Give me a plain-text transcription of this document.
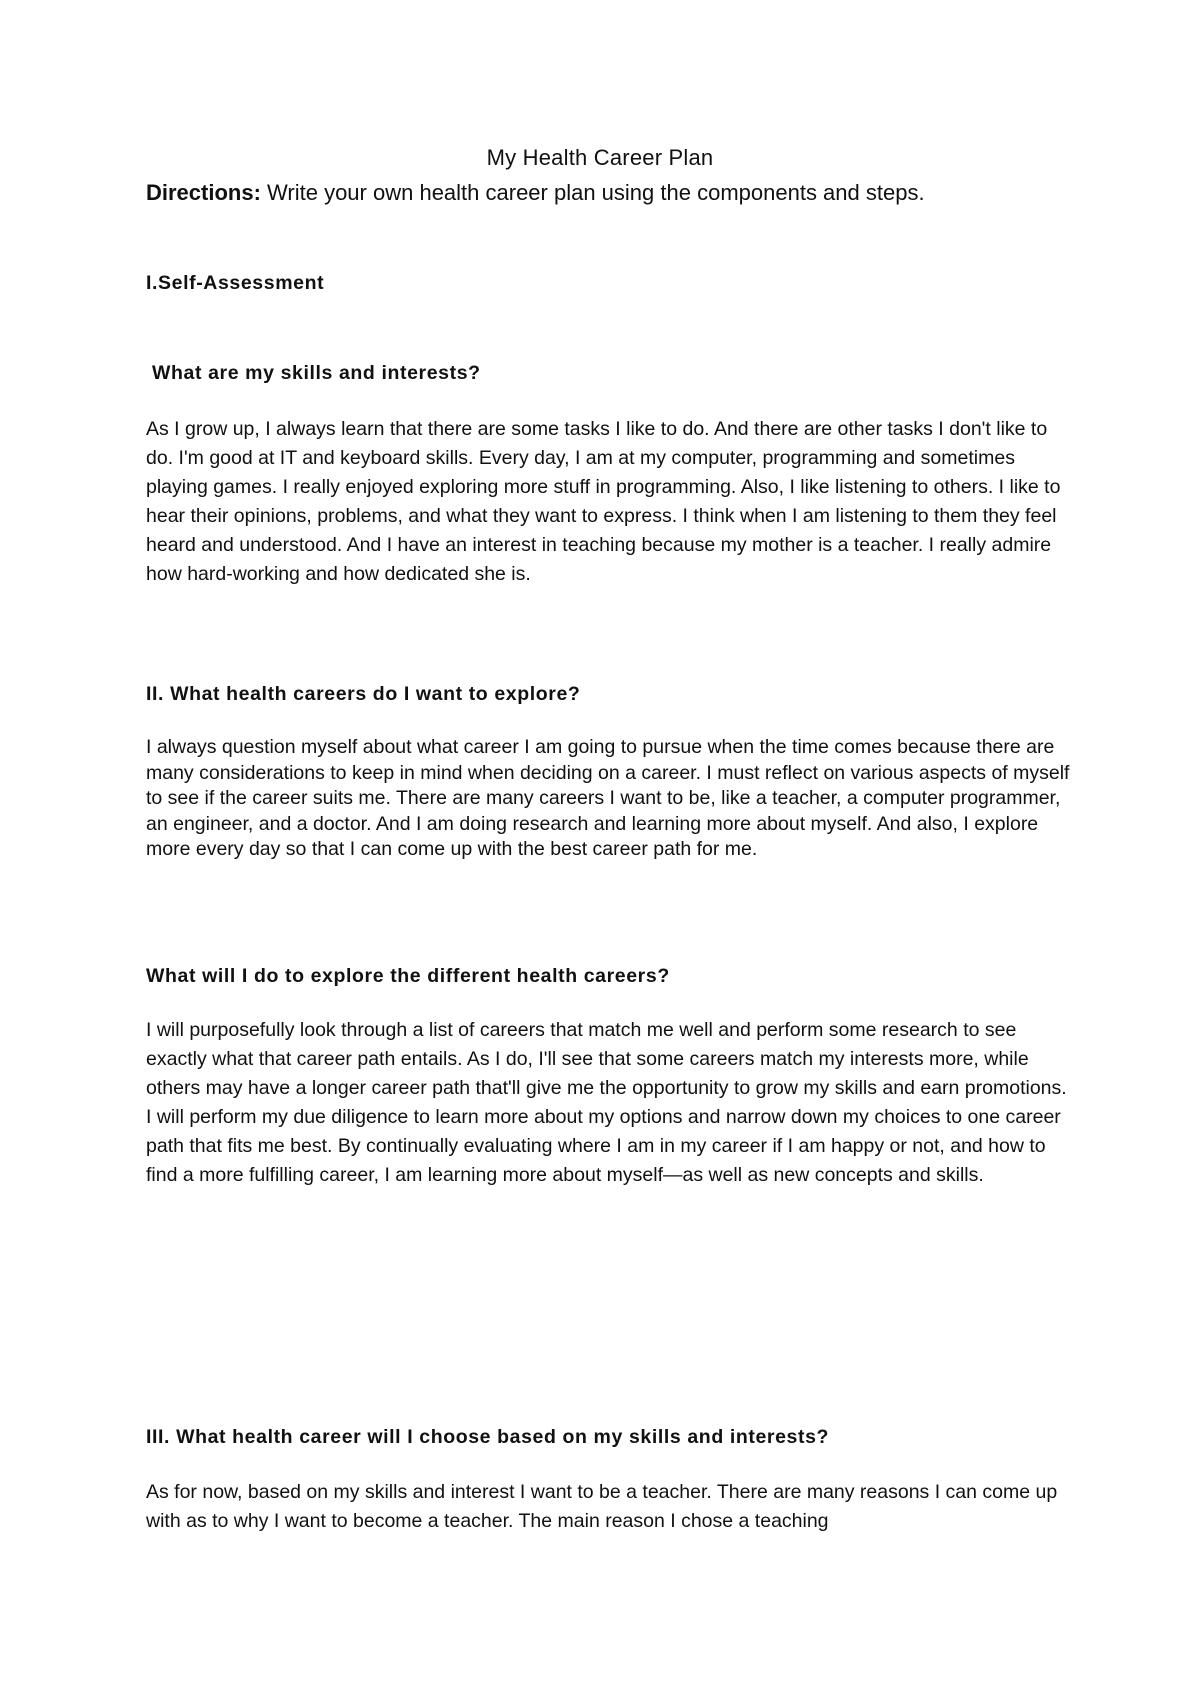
My Health Career Plan

Directions: Write your own health career plan using the components and steps.

I.Self-Assessment

What are my skills and interests?

As I grow up, I always learn that there are some tasks I like to do. And there are other tasks I don't like to do. I'm good at IT and keyboard skills. Every day, I am at my computer, programming and sometimes playing games. I really enjoyed exploring more stuff in programming. Also, I like listening to others. I like to hear their opinions, problems, and what they want to express. I think when I am listening to them they feel heard and understood. And I have an interest in teaching because my mother is a teacher. I really admire how hard-working and how dedicated she is.

II. What health careers do I want to explore?

I always question myself about what career I am going to pursue when the time comes because there are many considerations to keep in mind when deciding on a career. I must reflect on various aspects of myself to see if the career suits me. There are many careers I want to be, like a teacher, a computer programmer, an engineer, and a doctor. And I am doing research and learning more about myself. And also, I explore more every day so that I can come up with the best career path for me.

What will I do to explore the different health careers?

I will purposefully look through a list of careers that match me well and perform some research to see exactly what that career path entails. As I do, I'll see that some careers match my interests more, while others may have a longer career path that'll give me the opportunity to grow my skills and earn promotions. I will perform my due diligence to learn more about my options and narrow down my choices to one career path that fits me best. By continually evaluating where I am in my career if I am happy or not, and how to find a more fulfilling career, I am learning more about myself—as well as new concepts and skills.

III. What health career will I choose based on my skills and interests?

As for now, based on my skills and interest I want to be a teacher. There are many reasons I can come up with as to why I want to become a teacher. The main reason I chose a teaching
